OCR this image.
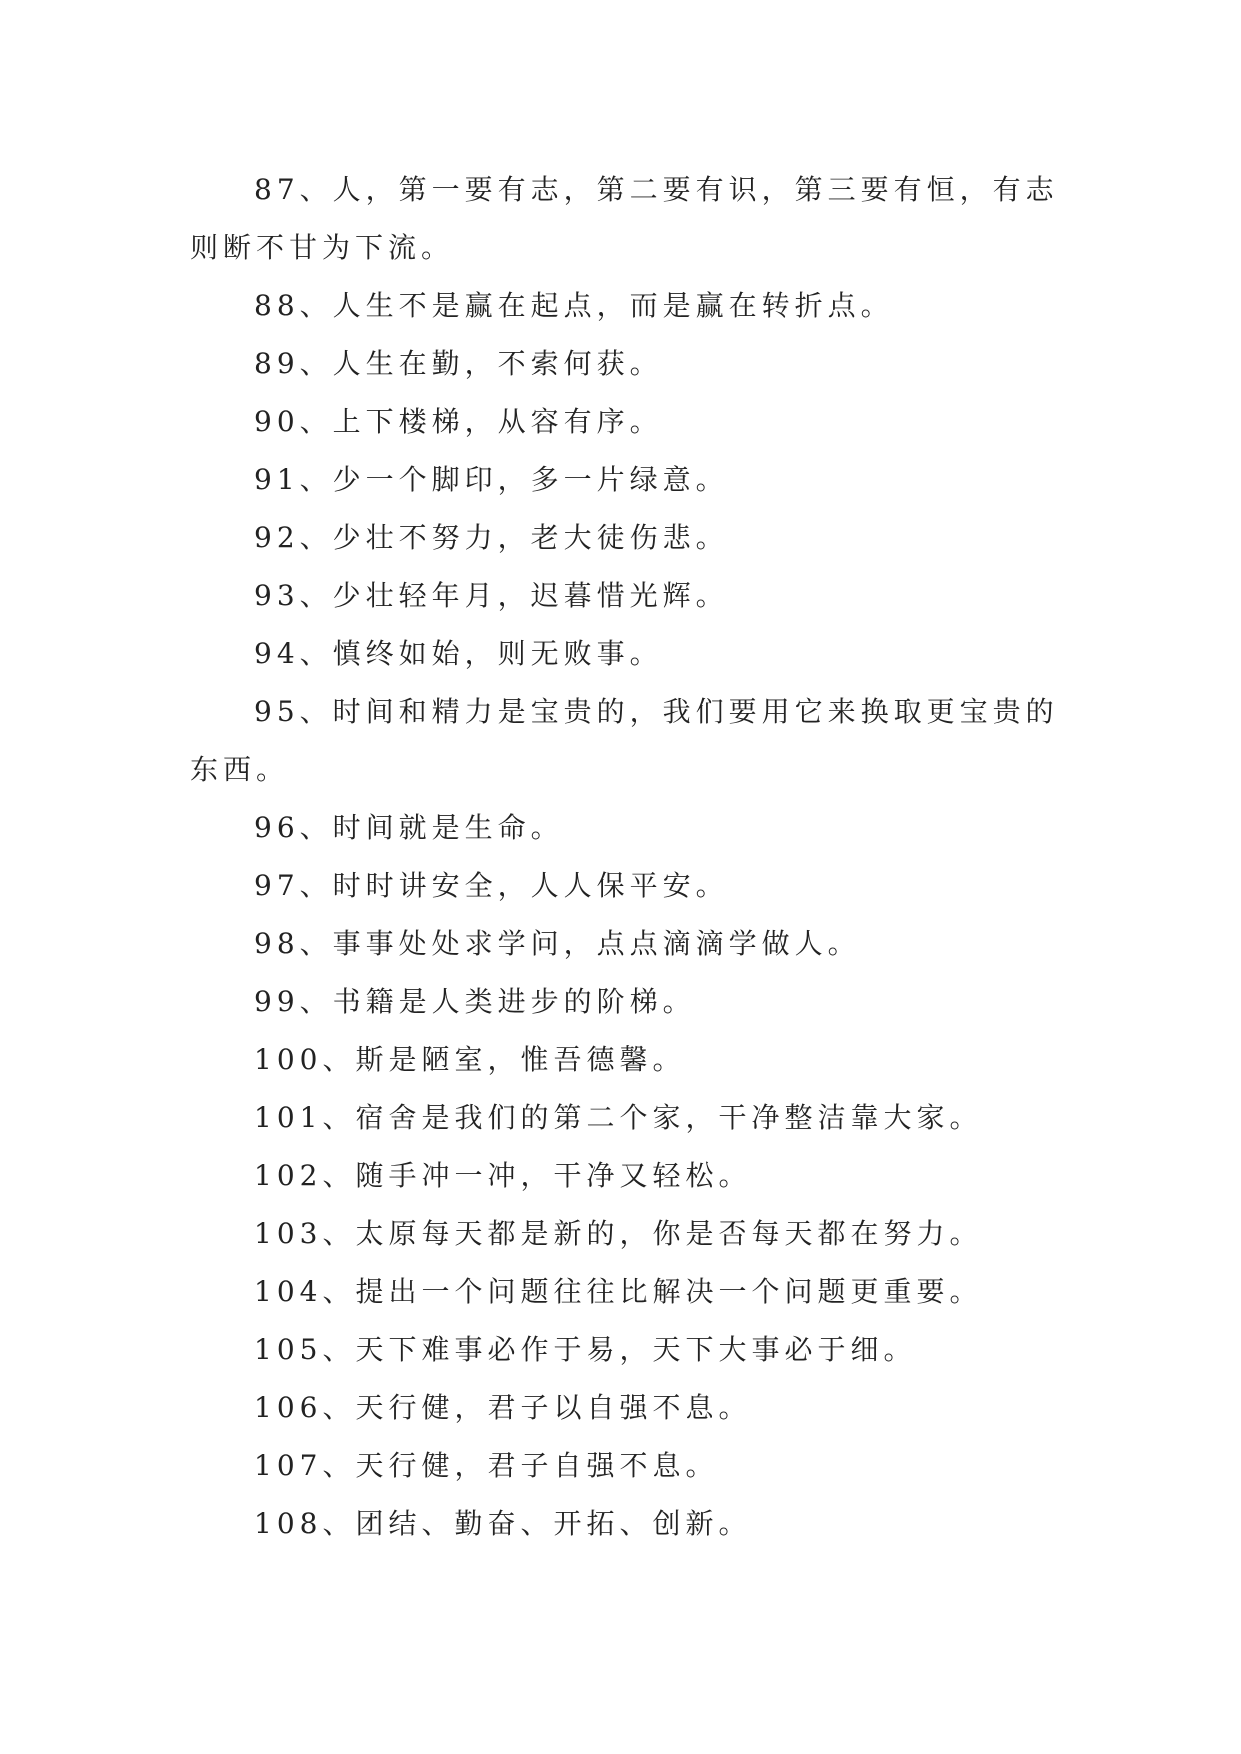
87、人，第一要有志，第二要有识，第三要有恒，有志则断不甘为下流。

88、人生不是赢在起点，而是赢在转折点。

89、人生在勤，不索何获。

90、上下楼梯，从容有序。

91、少一个脚印，多一片绿意。

92、少壮不努力，老大徒伤悲。

93、少壮轻年月，迟暮惜光辉。

94、慎终如始，则无败事。

95、时间和精力是宝贵的，我们要用它来换取更宝贵的东西。

96、时间就是生命。

97、时时讲安全，人人保平安。

98、事事处处求学问，点点滴滴学做人。

99、书籍是人类进步的阶梯。

100、斯是陋室，惟吾德馨。

101、宿舍是我们的第二个家，干净整洁靠大家。

102、随手冲一冲，干净又轻松。

103、太原每天都是新的，你是否每天都在努力。

104、提出一个问题往往比解决一个问题更重要。

105、天下难事必作于易，天下大事必于细。

106、天行健，君子以自强不息。

107、天行健，君子自强不息。

108、团结、勤奋、开拓、创新。
